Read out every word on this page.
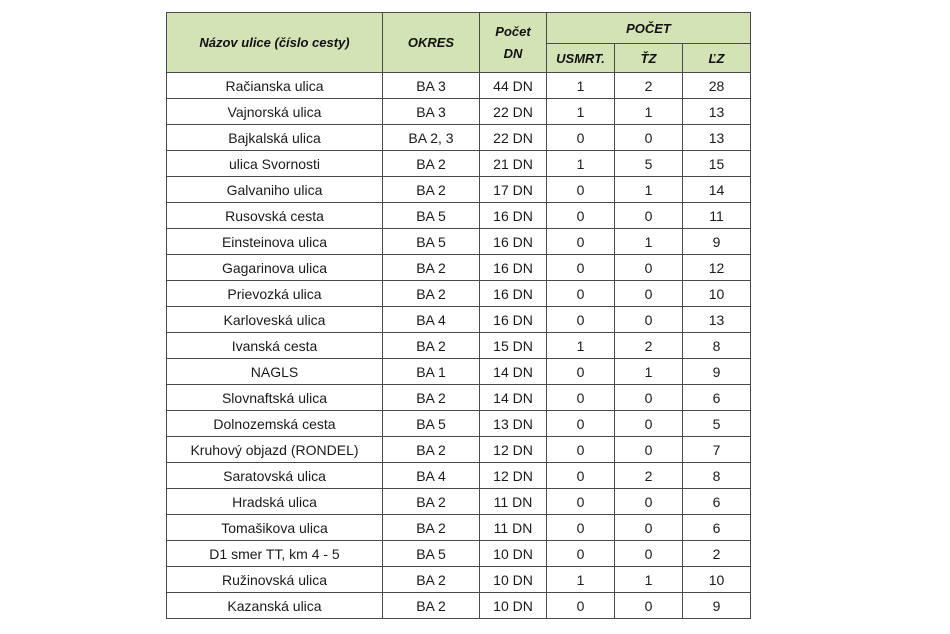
Názov ulice (číslo cesty)	OKRES	Počet
DN	POČET		
			USMRT.	ŤZ	ĽZ
Račianska ulica	BA 3	44 DN	1	2	28
Vajnorská ulica	BA 3	22 DN	1	1	13
Bajkalská ulica	BA 2, 3	22 DN	0	0	13
ulica Svornosti	BA 2	21 DN	1	5	15
Galvaniho ulica	BA 2	17 DN	0	1	14
Rusovská cesta	BA 5	16 DN	0	0	11
Einsteinova ulica	BA 5	16 DN	0	1	9
Gagarinova ulica	BA 2	16 DN	0	0	12
Prievozká ulica	BA 2	16 DN	0	0	10
Karloveská ulica	BA 4	16 DN	0	0	13
Ivanská cesta	BA 2	15 DN	1	2	8
NAGLS	BA 1	14 DN	0	1	9
Slovnaftská ulica	BA 2	14 DN	0	0	6
Dolnozemská cesta	BA 5	13 DN	0	0	5
Kruhový objazd (RONDEL)	BA 2	12 DN	0	0	7
Saratovská ulica	BA 4	12 DN	0	2	8
Hradská ulica	BA 2	11 DN	0	0	6
Tomašikova ulica	BA 2	11 DN	0	0	6
D1 smer TT, km 4 - 5	BA 5	10 DN	0	0	2
Ružinovská ulica	BA 2	10 DN	1	1	10
Kazanská ulica	BA 2	10 DN	0	0	9
